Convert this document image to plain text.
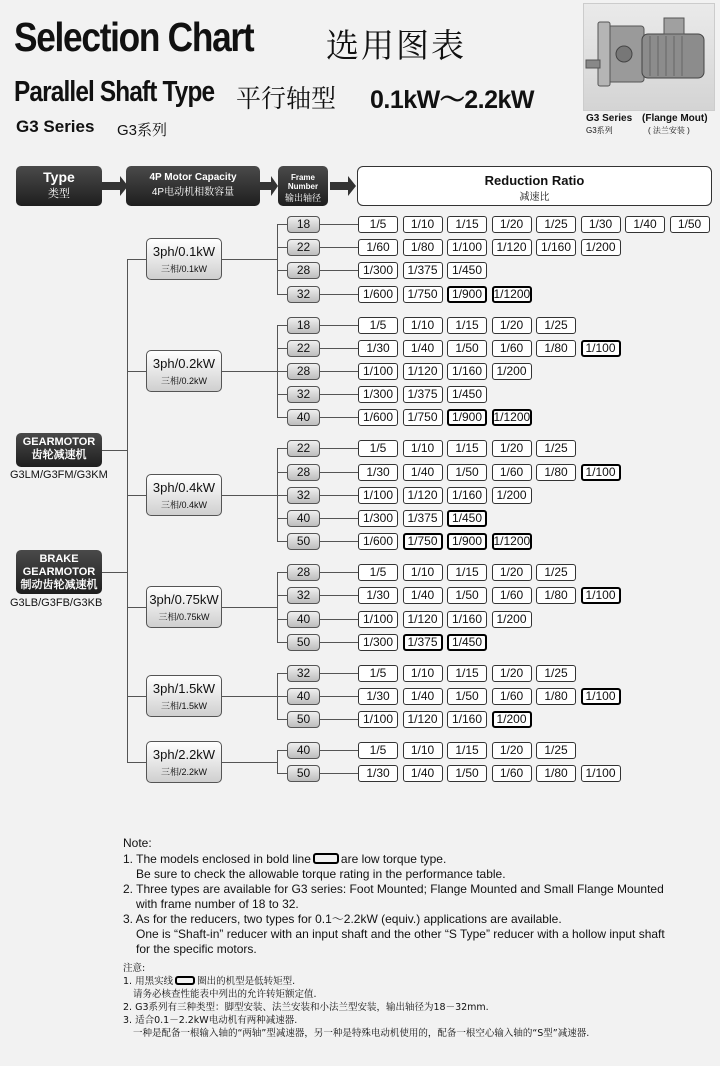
Selection Chart 选用图表
Parallel Shaft Type 平行轴型 0.1kW～2.2kW
G3 Series G3系列
G3 Series
G3系列
(Flange Mout)
( 法兰安装 )
Type
类型
4P Motor Capacity
4P电动机相数容量
Frame Number
输出轴径
Reduction Ratio
减速比
GEARMOTOR
齿轮减速机
G3LM/G3FM/G3KM
BRAKE
GEARMOTOR
制动齿轮减速机
G3LB/G3FB/G3KB
18	1/5	1/10	1/15	1/20	1/25	1/30	1/40	1/50
22	1/60	1/80	1/100	1/120	1/160	1/200
28	1/300	1/375	1/450
32	1/600	1/750	1/900 1/1200
3ph/0.1kW
三相/0.1kW
18	1/5	1/10	1/15	1/20	1/25
22	1/30	1/40	1/50	1/60	1/80	1/100
28	1/100	1/120	1/160	1/200
32	1/300	1/375	1/450
40	1/600	1/750	1/900 1/1200
3ph/0.2kW
三相/0.2kW
22	1/5	1/10	1/15	1/20	1/25
28	1/30	1/40	1/50	1/60	1/80	1/100
32	1/100	1/120	1/160	1/200
40	1/300	1/375	1/450
50	1/600	1/750	1/900 1/1200
3ph/0.4kW
三相/0.4kW
28	1/5	1/10	1/15	1/20	1/25
32	1/30	1/40	1/50	1/60	1/80	1/100
40	1/100	1/120	1/160	1/200
50	1/300	1/375	1/450
3ph/0.75kW
三相/0.75kW
32	1/5	1/10	1/15	1/20	1/25
40	1/30	1/40	1/50	1/60	1/80	1/100
50	1/100	1/120	1/160	1/200
3ph/1.5kW
三相/1.5kW
40	1/5	1/10	1/15	1/20	1/25
50	1/30	1/40	1/50	1/60	1/80	1/100
3ph/2.2kW
三相/2.2kW
Note:
1. The models enclosed in bold line	are low torque type.
Be sure to check the allowable torque rating in the performance table.
2. Three types are available for G3 series: Foot Mounted; Flange Mounted and Small Flange Mounted
with frame number of 18 to 32.
3. As for the reducers, two types for 0.1～2.2kW (equiv.) applications are available.
One is “Shaft-in” reducer with an input shaft and the other “S Type” reducer with a hollow input shaft
for the specific motors.
注意:
1. 用黑实线	圈出的机型是低转矩型.
请务必核查性能表中列出的允许转矩额定值.
2. G3系列有三种类型：脚型安装、法兰安装和小法兰型安装，输出轴径为18－32mm.
3. 适合0.1－2.2kW电动机有两种减速器.
一种是配备一根输入轴的“两轴”型减速器，另一种是特殊电动机使用的，配备一根空心输入轴的“S型”减速器.
